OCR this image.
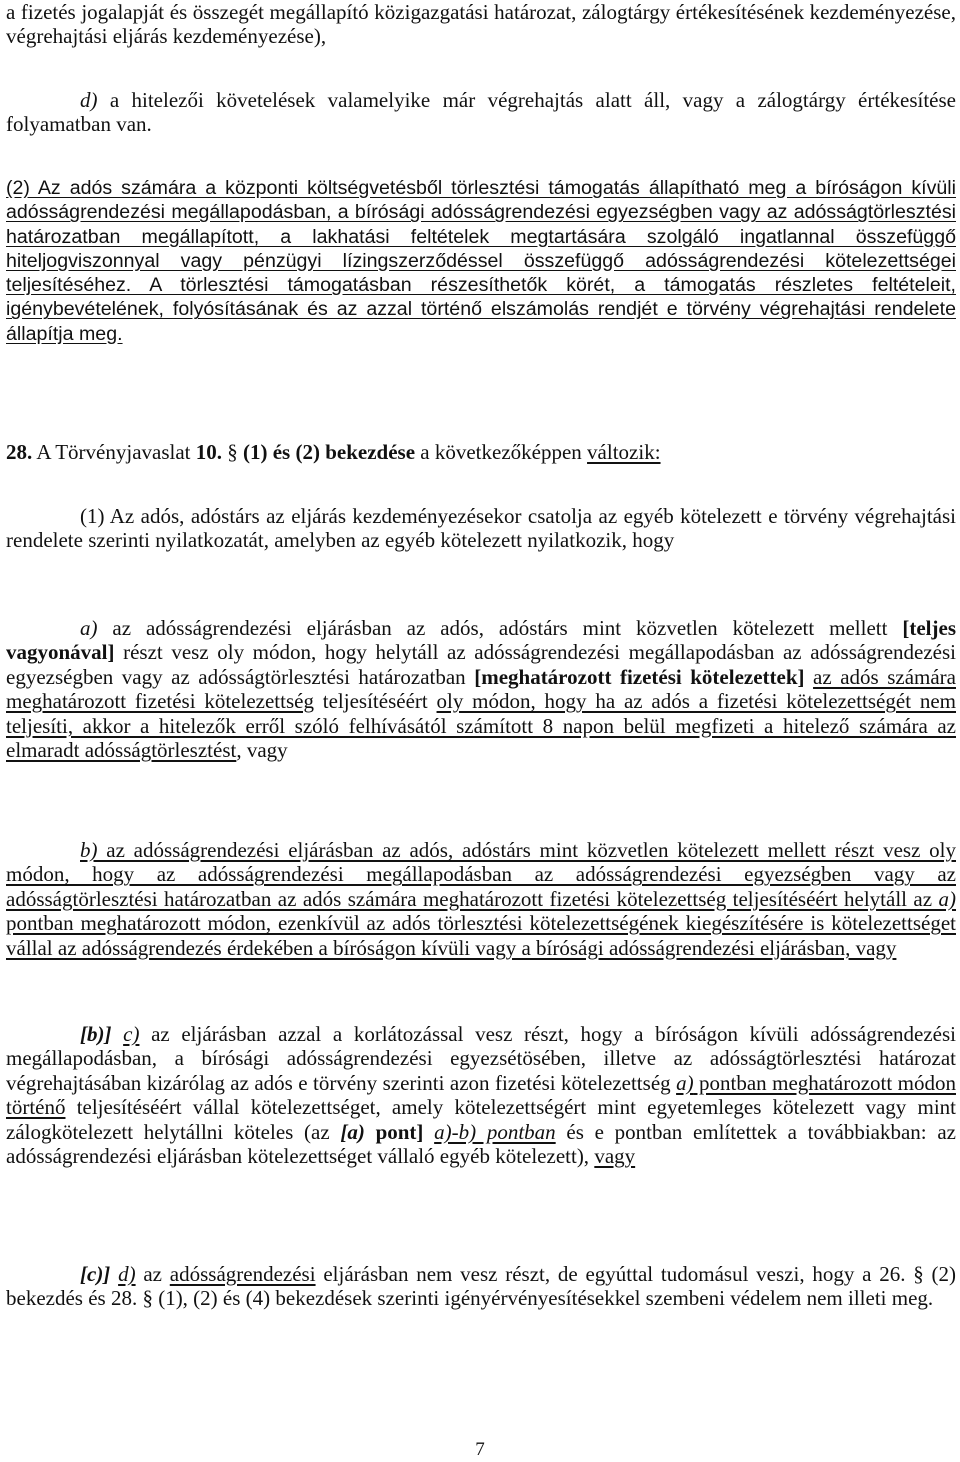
a fizetés jogalapját és összegét megállapító közigazgatási határozat, zálogtárgy értékesítésének kezdeményezése, végrehajtási eljárás kezdeményezése),

d) a hitelezői követelések valamelyike már végrehajtás alatt áll, vagy a zálogtárgy értékesítése folyamatban van.

(2) Az adós számára a központi költségvetésből törlesztési támogatás állapítható meg a bíróságon kívüli adósságrendezési megállapodásban, a bírósági adósságrendezési egyezségben vagy az adósságtörlesztési határozatban megállapított, a lakhatási feltételek megtartására szolgáló ingatlannal összefüggő hiteljogviszonnyal vagy pénzügyi lízingszerződéssel összefüggő adósságrendezési kötelezettségei teljesítéséhez. A törlesztési támogatásban részesíthetők körét, a támogatás részletes feltételeit, igénybevételének, folyósításának és az azzal történő elszámolás rendjét e törvény végrehajtási rendelete állapítja meg.

28. A Törvényjavaslat 10. § (1) és (2) bekezdése a következőképpen változik:

(1) Az adós, adóstárs az eljárás kezdeményezésekor csatolja az egyéb kötelezett e törvény végrehajtási rendelete szerinti nyilatkozatát, amelyben az egyéb kötelezett nyilatkozik, hogy

a) az adósságrendezési eljárásban az adós, adóstárs mint közvetlen kötelezett mellett [teljes vagyonával] részt vesz oly módon, hogy helytáll az adósságrendezési megállapodásban az adósságrendezési egyezségben vagy az adósságtörlesztési határozatban [meghatározott fizetési kötelezettek] az adós számára meghatározott fizetési kötelezettség teljesítéséért oly módon, hogy ha az adós a fizetési kötelezettségét nem teljesíti, akkor a hitelezők erről szóló felhívásától számított 8 napon belül megfizeti a hitelező számára az elmaradt adósságtörlesztést, vagy

b) az adósságrendezési eljárásban az adós, adóstárs mint közvetlen kötelezett mellett részt vesz oly módon, hogy az adósságrendezési megállapodásban az adósságrendezési egyezségben vagy az adósságtörlesztési határozatban az adós számára meghatározott fizetési kötelezettség teljesítéséért helytáll az a) pontban meghatározott módon, ezenkívül az adós törlesztési kötelezettségének kiegészítésére is kötelezettséget vállal az adósságrendezés érdekében a bíróságon kívüli vagy a bírósági adósságrendezési eljárásban, vagy

[b)] c) az eljárásban azzal a korlátozással vesz részt, hogy a bíróságon kívüli adósságrendezési megállapodásban, a bírósági adósságrendezési egyezsétösében, illetve az adósságtörlesztési határozat végrehajtásában kizárólag az adós e törvény szerinti azon fizetési kötelezettség a) pontban meghatározott módon történő teljesítéséért vállal kötelezettséget, amely kötelezettségért mint egyetemleges kötelezett vagy mint zálogkötelezett helytállni köteles (az [a) pont] a)-b) pontban és e pontban említettek a továbbiakban: az adósságrendezési eljárásban kötelezettséget vállaló egyéb kötelezett), vagy

[c)] d) az adósságrendezési eljárásban nem vesz részt, de egyúttal tudomásul veszi, hogy a 26. § (2) bekezdés és 28. § (1), (2) és (4) bekezdések szerinti igényérvényesítésekkel szembeni védelem nem illeti meg.

7
